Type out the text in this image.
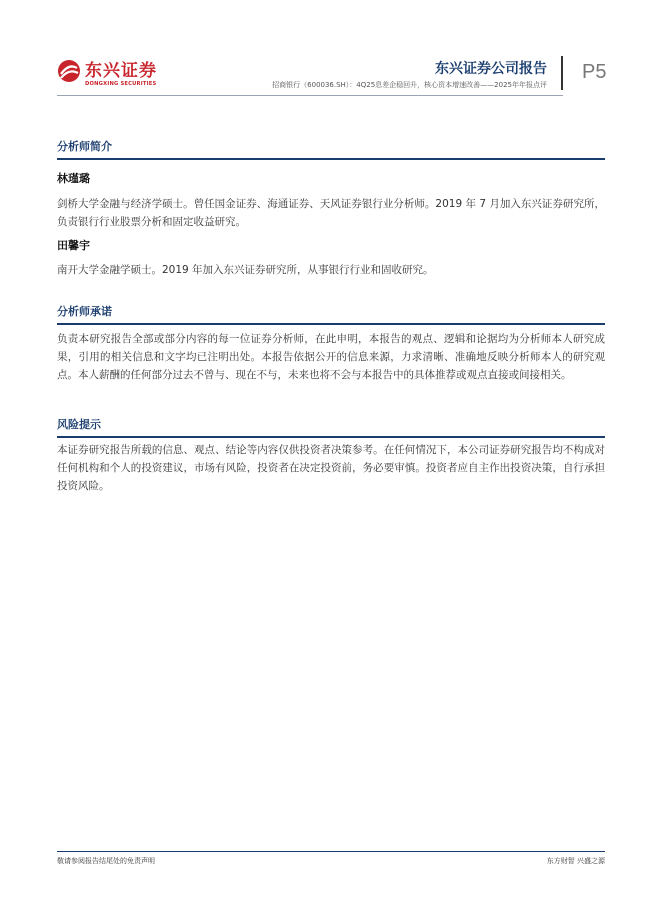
东兴证券
DONGXING SECURITIES
东兴证券公司报告
招商银行（600036.SH）：4Q25息差企稳回升，核心资本增速改善——2025年年报点评
P5
分析师简介
林瑾璐
剑桥大学金融与经济学硕士。曾任国金证券、海通证券、天风证券银行业分析师。2019 年 7 月加入东兴证券研究所，负责银行行业股票分析和固定收益研究。
田馨宇
南开大学金融学硕士。2019 年加入东兴证券研究所，从事银行行业和固收研究。
分析师承诺
负责本研究报告全部或部分内容的每一位证券分析师，在此申明，本报告的观点、逻辑和论据均为分析师本人研究成果，引用的相关信息和文字均已注明出处。本报告依据公开的信息来源，力求清晰、准确地反映分析师本人的研究观点。本人薪酬的任何部分过去不曾与、现在不与，未来也将不会与本报告中的具体推荐或观点直接或间接相关。
风险提示
本证券研究报告所载的信息、观点、结论等内容仅供投资者决策参考。在任何情况下，本公司证券研究报告均不构成对任何机构和个人的投资建议，市场有风险，投资者在决定投资前，务必要审慎。投资者应自主作出投资决策，自行承担投资风险。
敬请参阅报告结尾处的免责声明	东方财智 兴盛之源
